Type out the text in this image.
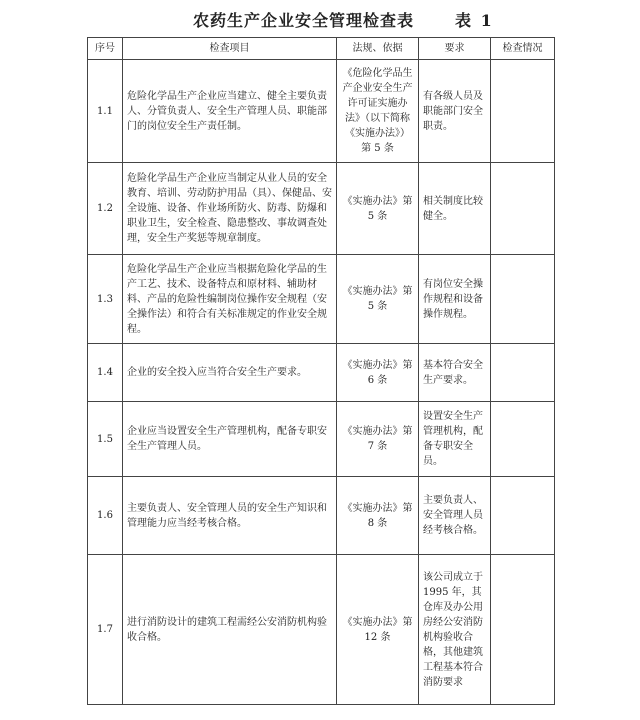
农药生产企业安全管理检查表	表 1
序号	检查项目	法规、依据	要求	检查情况
1.1	危险化学品生产企业应当建立、健全主要负责人、分管负责人、安全生产管理人员、职能部门的岗位安全生产责任制。	《危险化学品生产企业安全生产许可证实施办法》（以下简称《实施办法》）第 5 条	有各级人员及职能部门安全职责。	
1.2	危险化学品生产企业应当制定从业人员的安全教育、培训、劳动防护用品（具）、保健品、安全设施、设备、作业场所防火、防毒、防爆和职业卫生，安全检查、隐患整改、事故调查处理，安全生产奖惩等规章制度。	《实施办法》第 5 条	相关制度比较健全。	
1.3	危险化学品生产企业应当根据危险化学品的生产工艺、技术、设备特点和原材料、辅助材料、产品的危险性编制岗位操作安全规程（安全操作法）和符合有关标准规定的作业安全规程。	《实施办法》第 5 条	有岗位安全操作规程和设备操作规程。	
1.4	企业的安全投入应当符合安全生产要求。	《实施办法》第 6 条	基本符合安全生产要求。	
1.5	企业应当设置安全生产管理机构，配备专职安全生产管理人员。	《实施办法》第 7 条	设置安全生产管理机构，配备专职安全员。	
1.6	主要负责人、安全管理人员的安全生产知识和管理能力应当经考核合格。	《实施办法》第 8 条	主要负责人、安全管理人员经考核合格。	
1.7	进行消防设计的建筑工程需经公安消防机构验收合格。	《实施办法》第 12 条	该公司成立于 1995 年，其仓库及办公用房经公安消防机构验收合格，其他建筑工程基本符合消防要求	
